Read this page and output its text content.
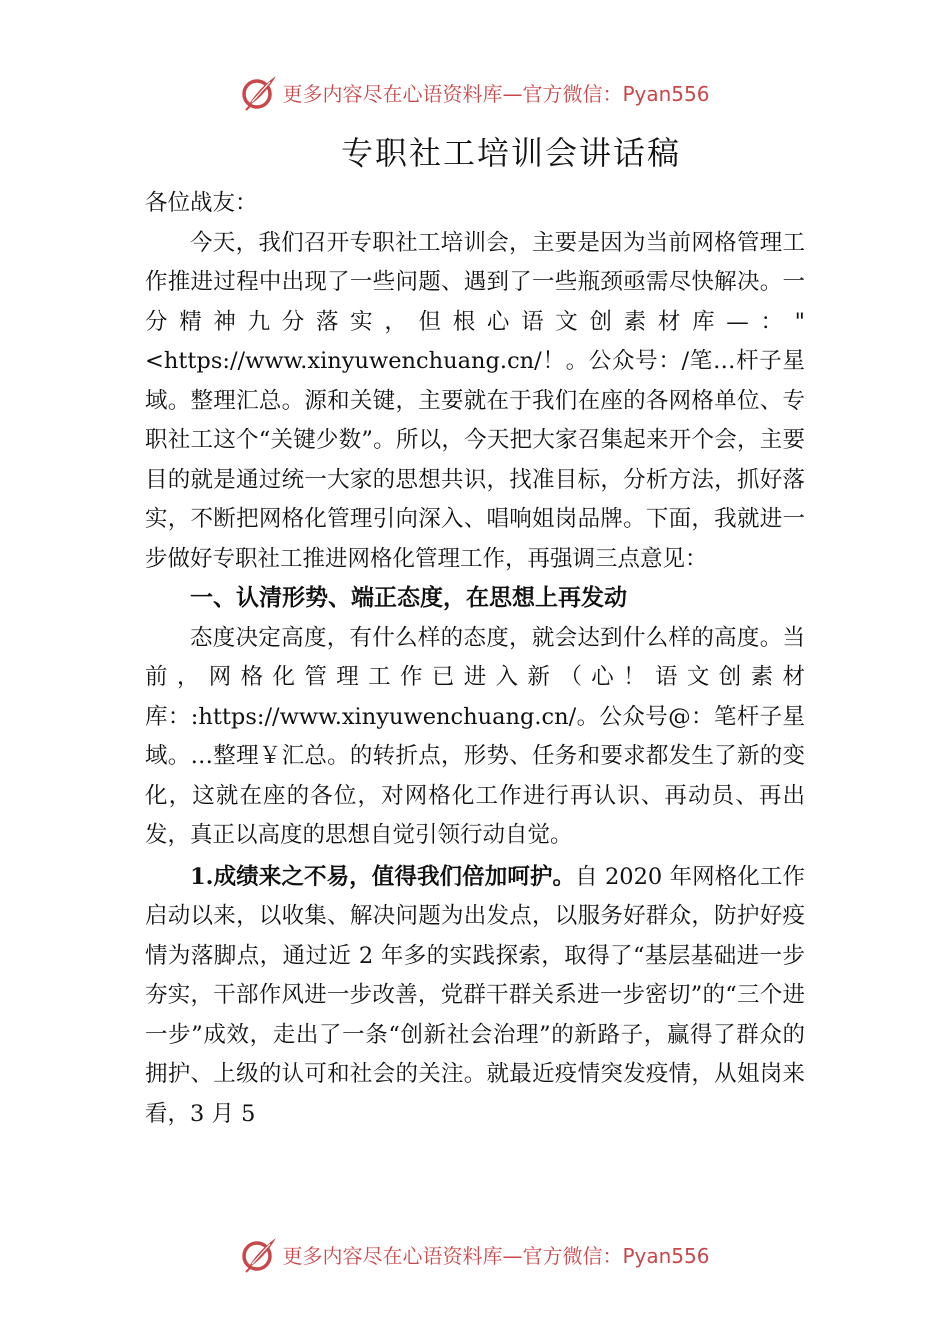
更多内容尽在心语资料库—官方微信：Pyan556
专职社工培训会讲话稿

各位战友：

今天，我们召开专职社工培训会，主要是因为当前网格管理工作推进过程中出现了一些问题、遇到了一些瓶颈亟需尽快解决。一分精神九分落实，但根心语文创素材库—："<https://www.xinyuwenchuang.cn/！。公众号：/笔…杆子星域。整理汇总。源和关键，主要就在于我们在座的各网格单位、专职社工这个“关键少数”。所以，今天把大家召集起来开个会，主要目的就是通过统一大家的思想共识，找准目标，分析方法，抓好落实，不断把网格化管理引向深入、唱响姐岗品牌。下面，我就进一步做好专职社工推进网格化管理工作，再强调三点意见：

一、认清形势、端正态度，在思想上再发动

态度决定高度，有什么样的态度，就会达到什么样的高度。当前，网格化管理工作已进入新（心！语文创素材库：:https://www.xinyuwenchuang.cn/。公众号@：笔杆子星域。…整理￥汇总。的转折点，形势、任务和要求都发生了新的变化，这就在座的各位，对网格化工作进行再认识、再动员、再出发，真正以高度的思想自觉引领行动自觉。

1.成绩来之不易，值得我们倍加呵护。自 2020 年网格化工作启动以来，以收集、解决问题为出发点，以服务好群众，防护好疫情为落脚点，通过近 2 年多的实践探索，取得了“基层基础进一步夯实，干部作风进一步改善，党群干群关系进一步密切”的“三个进一步”成效，走出了一条“创新社会治理”的新路子，赢得了群众的拥护、上级的认可和社会的关注。就最近疫情突发疫情，从姐岗来看，3 月 5

更多内容尽在心语资料库—官方微信：Pyan556
